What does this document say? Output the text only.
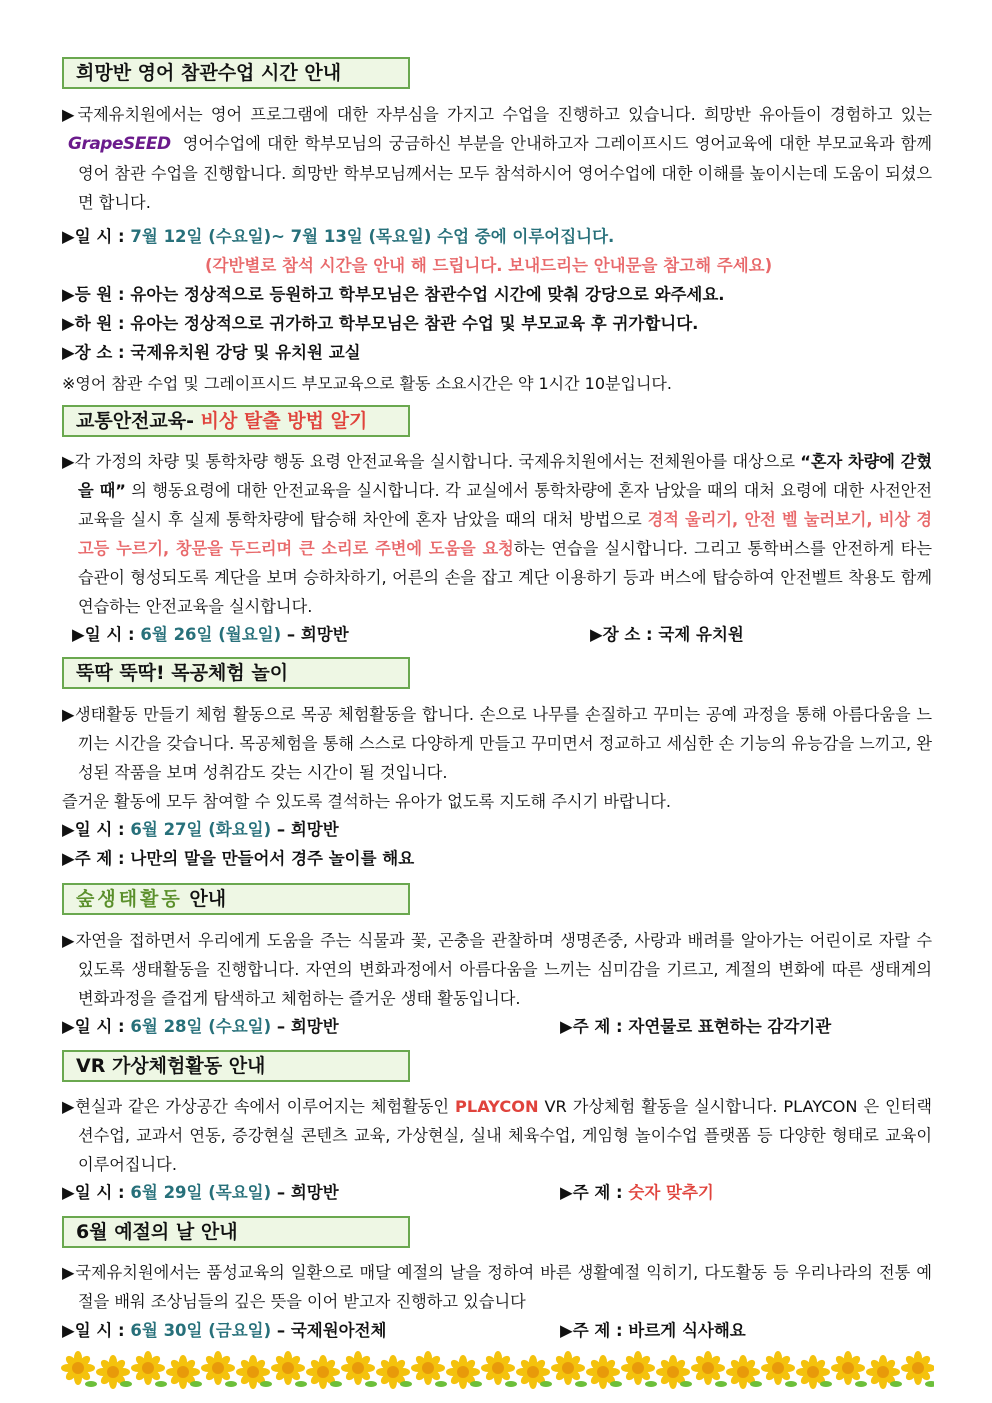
희망반 영어 참관수업 시간 안내
▶국제유치원에서는 영어 프로그램에 대한 자부심을 가지고 수업을 진행하고 있습니다. 희망반 유아들이 경험하고 있는 GrapeSEED 영어수업에 대한 학부모님의 궁금하신 부분을 안내하고자 그레이프시드 영어교육에 대한 부모교육과 함께 영어 참관 수업을 진행합니다. 희망반 학부모님께서는 모두 참석하시어 영어수업에 대한 이해를 높이시는데 도움이 되셨으면 합니다.
▶일 시 : 7월 12일 (수요일)~ 7월 13일 (목요일) 수업 중에 이루어집니다.
(각반별로 참석 시간을 안내 해 드립니다. 보내드리는 안내문을 참고해 주세요)
▶등 원 : 유아는 정상적으로 등원하고 학부모님은 참관수업 시간에 맞춰 강당으로 와주세요.
▶하 원 : 유아는 정상적으로 귀가하고 학부모님은 참관 수업 및 부모교육 후 귀가합니다.
▶장 소 : 국제유치원 강당 및 유치원 교실
※영어 참관 수업 및 그레이프시드 부모교육으로 활동 소요시간은 약 1시간 10분입니다.
교통안전교육- 비상 탈출 방법 알기
▶각 가정의 차량 및 통학차량 행동 요령 안전교육을 실시합니다. 국제유치원에서는 전체원아를 대상으로 “혼자 차량에 갇혔을 때” 의 행동요령에 대한 안전교육을 실시합니다. 각 교실에서 통학차량에 혼자 남았을 때의 대처 요령에 대한 사전안전교육을 실시 후 실제 통학차량에 탑승해 차안에 혼자 남았을 때의 대처 방법으로 경적 울리기, 안전 벨 눌러보기, 비상 경고등 누르기, 창문을 두드리며 큰 소리로 주변에 도움을 요청하는 연습을 실시합니다. 그리고 통학버스를 안전하게 타는 습관이 형성되도록 계단을 보며 승하차하기, 어른의 손을 잡고 계단 이용하기 등과 버스에 탑승하여 안전벨트 착용도 함께 연습하는 안전교육을 실시합니다.
▶일 시 : 6월 26일 (월요일) – 희망반	▶장 소 : 국제 유치원
뚝딱 뚝딱! 목공체험 놀이
▶생태활동 만들기 체험 활동으로 목공 체험활동을 합니다. 손으로 나무를 손질하고 꾸미는 공예 과정을 통해 아름다움을 느끼는 시간을 갖습니다. 목공체험을 통해 스스로 다양하게 만들고 꾸미면서 정교하고 세심한 손 기능의 유능감을 느끼고, 완성된 작품을 보며 성취감도 갖는 시간이 될 것입니다.
즐거운 활동에 모두 참여할 수 있도록 결석하는 유아가 없도록 지도해 주시기 바랍니다.
▶일 시 : 6월 27일 (화요일) – 희망반
▶주 제 : 나만의 말을 만들어서 경주 놀이를 해요
숲생태활동 안내
▶자연을 접하면서 우리에게 도움을 주는 식물과 꽃, 곤충을 관찰하며 생명존중, 사랑과 배려를 알아가는 어린이로 자랄 수 있도록 생태활동을 진행합니다. 자연의 변화과정에서 아름다움을 느끼는 심미감을 기르고, 계절의 변화에 따른 생태계의 변화과정을 즐겁게 탐색하고 체험하는 즐거운 생태 활동입니다.
▶일 시 : 6월 28일 (수요일) – 희망반	▶주 제 : 자연물로 표현하는 감각기관
VR 가상체험활동 안내
▶현실과 같은 가상공간 속에서 이루어지는 체험활동인 PLAYCON VR 가상체험 활동을 실시합니다. PLAYCON 은 인터랙션수업, 교과서 연동, 증강현실 콘텐츠 교육, 가상현실, 실내 체육수업, 게임형 놀이수업 플랫폼 등 다양한 형태로 교육이 이루어집니다.
▶일 시 : 6월 29일 (목요일) – 희망반	▶주 제 : 숫자 맞추기
6월 예절의 날 안내
▶국제유치원에서는 품성교육의 일환으로 매달 예절의 날을 정하여 바른 생활예절 익히기, 다도활동 등 우리나라의 전통 예절을 배워 조상님들의 깊은 뜻을 이어 받고자 진행하고 있습니다
▶일 시 : 6월 30일 (금요일) – 국제원아전체	▶주 제 : 바르게 식사해요
